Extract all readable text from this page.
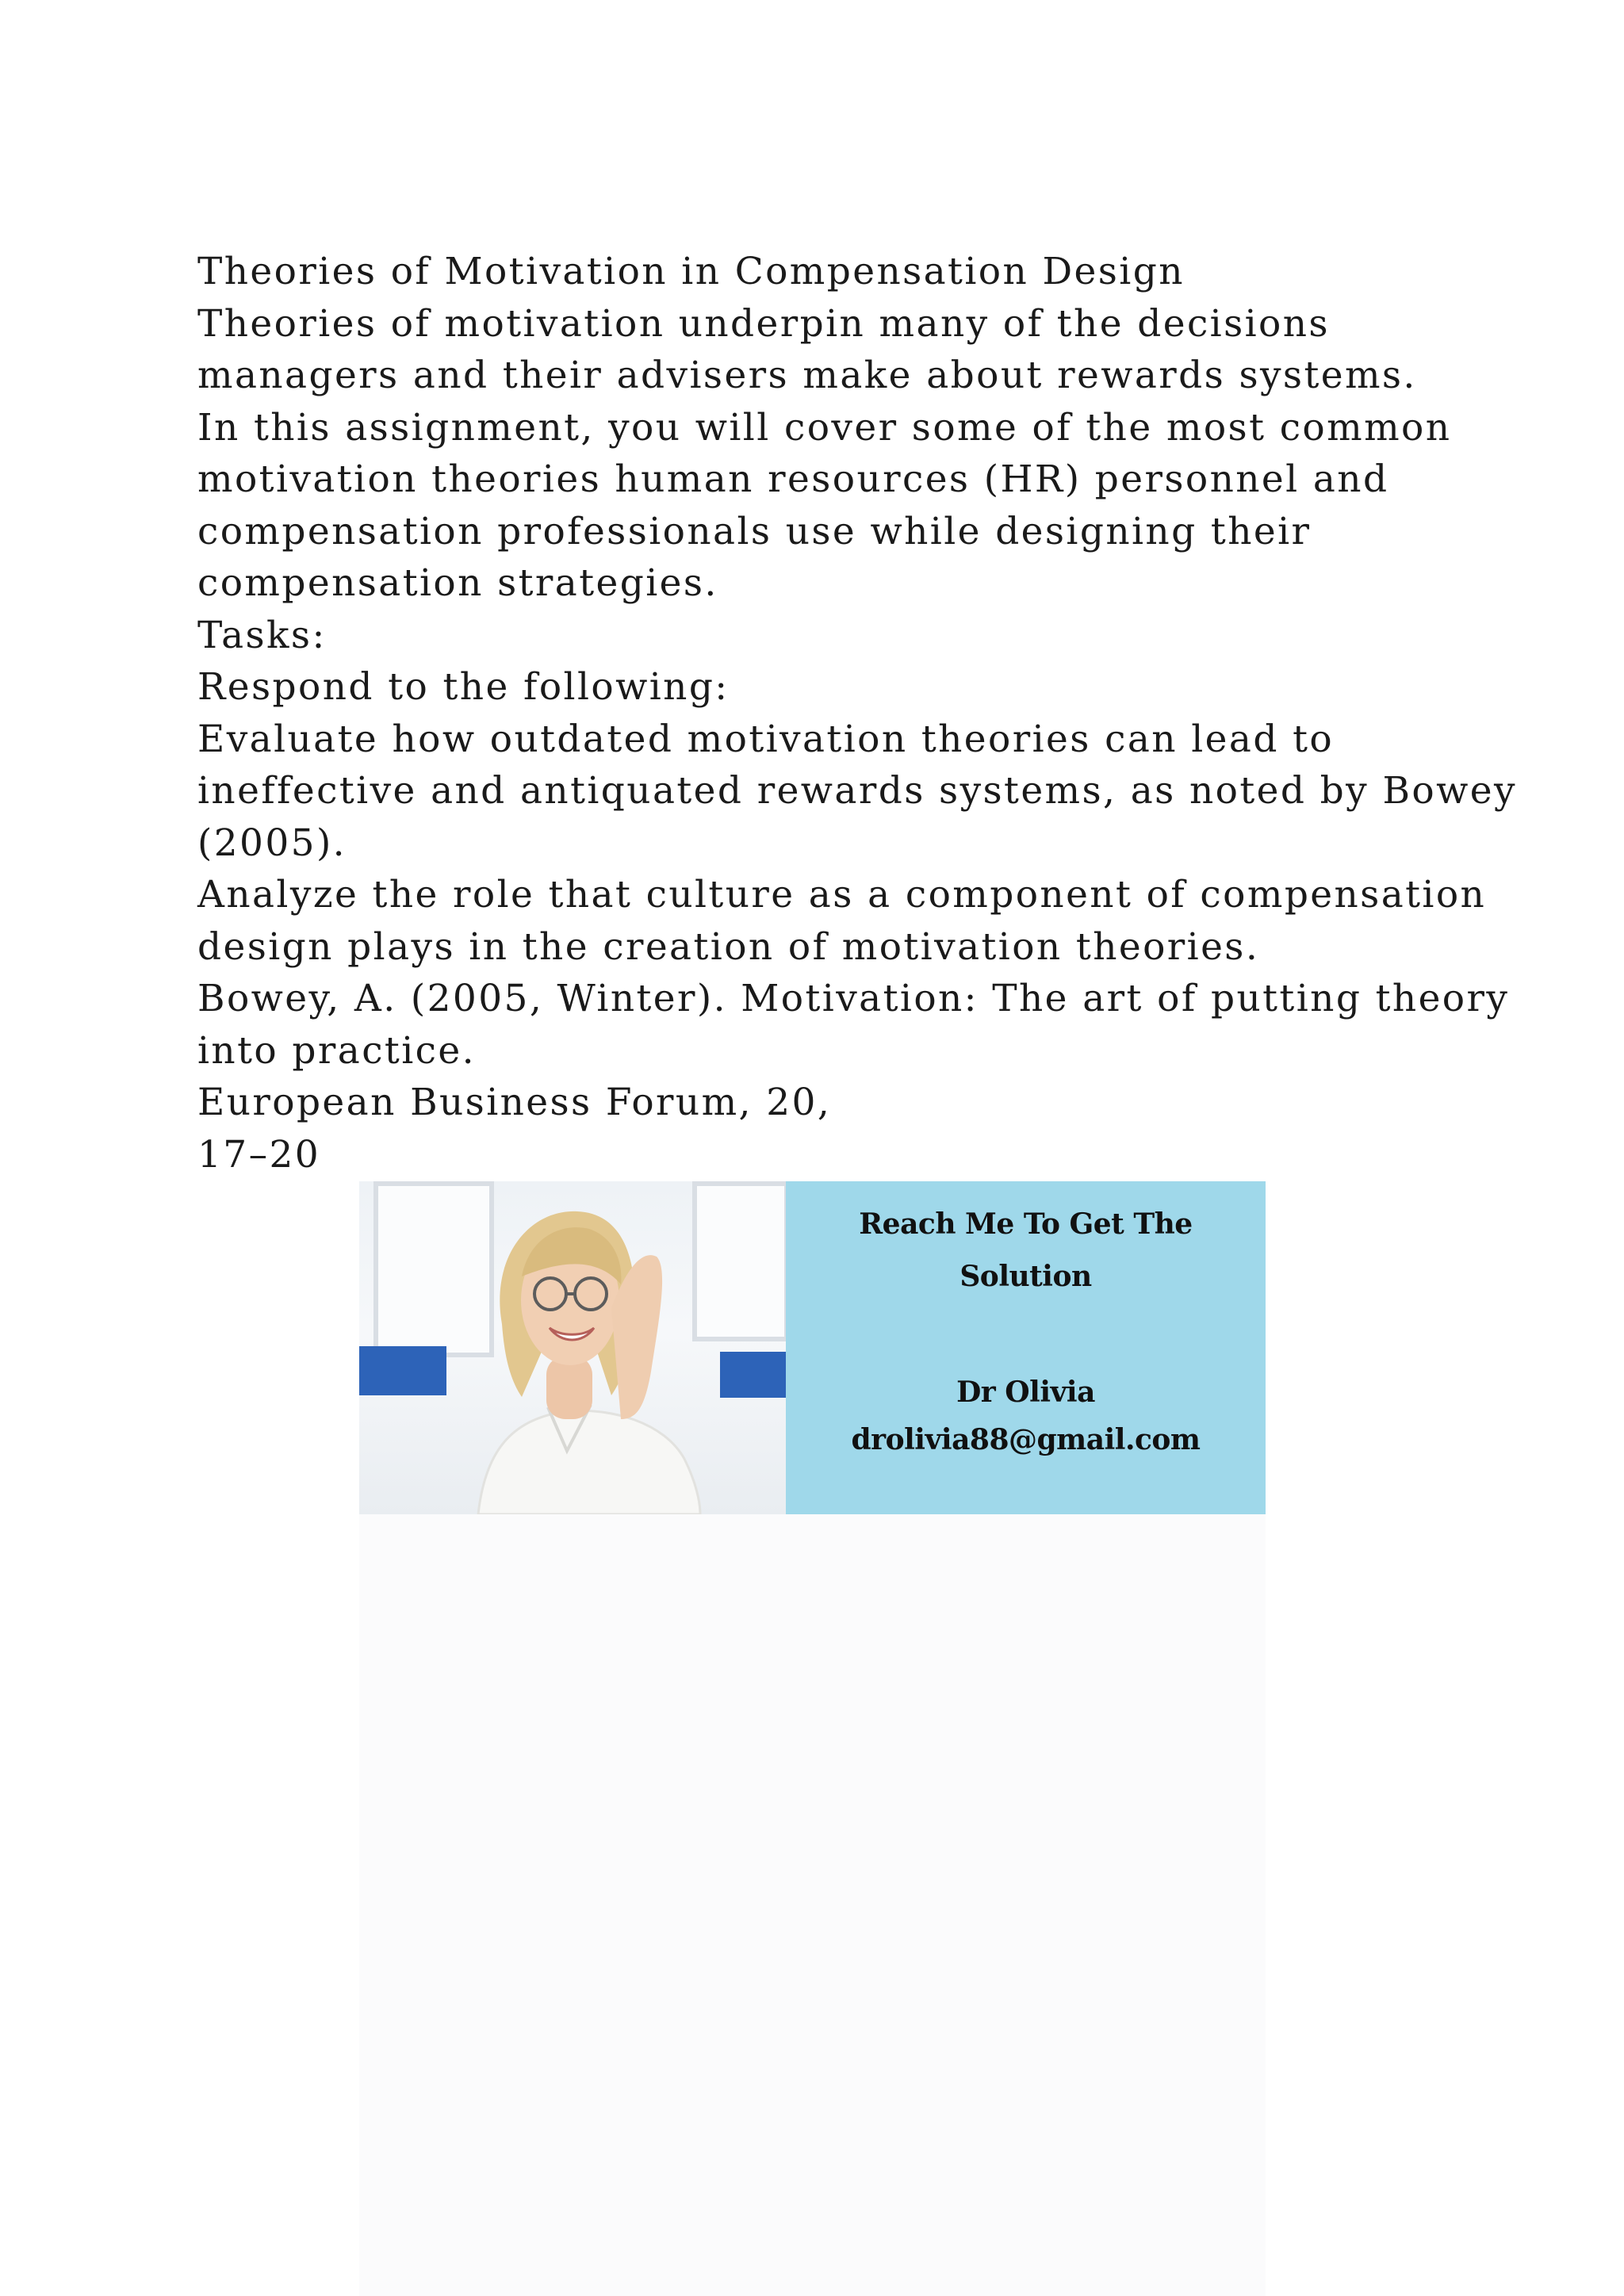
Theories of Motivation in Compensation Design
Theories of motivation underpin many of the decisions
managers and their advisers make about rewards systems.
In this assignment, you will cover some of the most common
motivation theories human resources (HR) personnel and
compensation professionals use while designing their
compensation strategies.
Tasks:
Respond to the following:
Evaluate how outdated motivation theories can lead to
ineffective and antiquated rewards systems, as noted by Bowey
(2005).
Analyze the role that culture as a component of compensation
design plays in the creation of motivation theories.
Bowey, A. (2005, Winter). Motivation: The art of putting theory
into practice.
European Business Forum, 20,
17–20
Reach Me To Get The
Solution
Dr Olivia
drolivia88@gmail.com
